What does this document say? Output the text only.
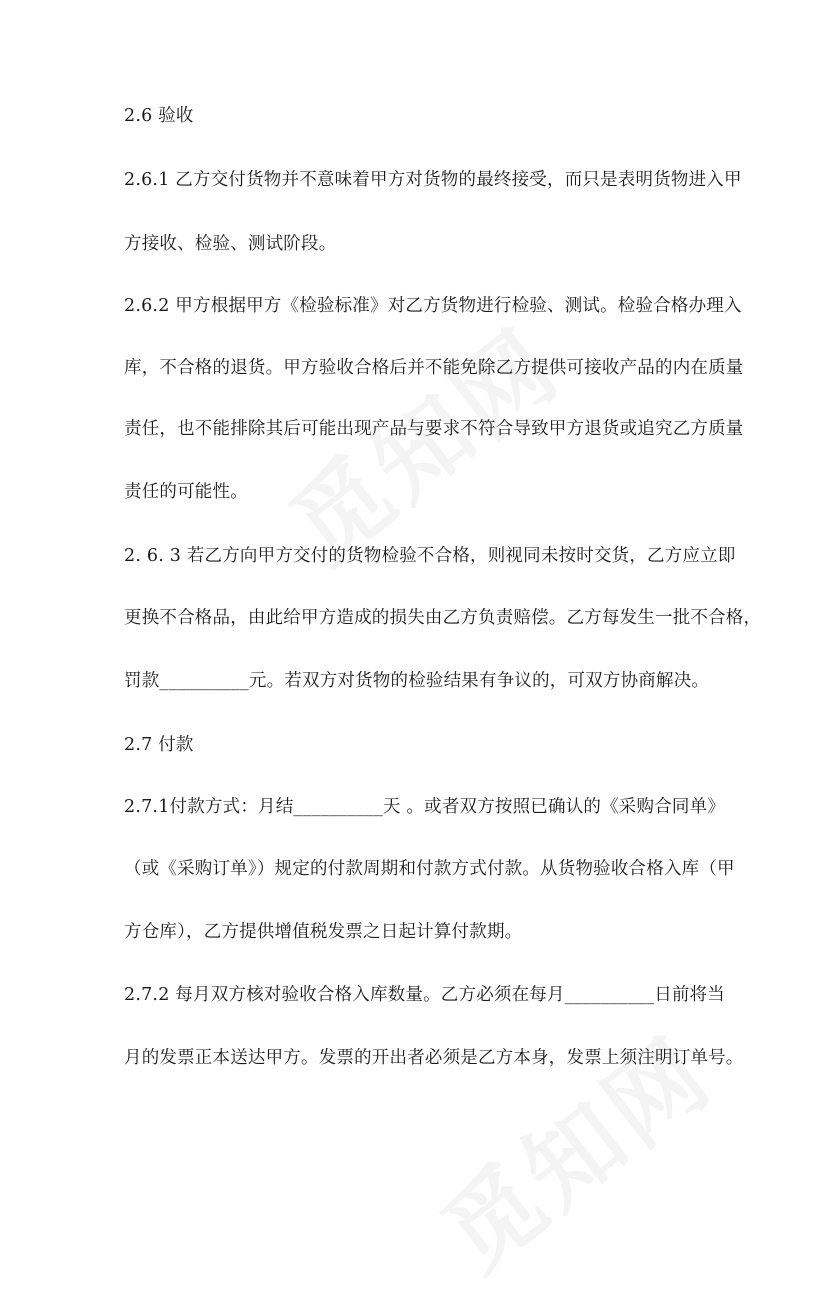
2.6 验收
2.6.1 乙方交付货物并不意味着甲方对货物的最终接受，而只是表明货物进入甲
方接收、检验、测试阶段。
2.6.2 甲方根据甲方《检验标准》对乙方货物进行检验、测试。检验合格办理入
库，不合格的退货。甲方验收合格后并不能免除乙方提供可接收产品的内在质量
责任，也不能排除其后可能出现产品与要求不符合导致甲方退货或追究乙方质量
责任的可能性。
2. 6. 3 若乙方向甲方交付的货物检验不合格，则视同未按时交货，乙方应立即
更换不合格品，由此给甲方造成的损失由乙方负责赔偿。乙方每发生一批不合格，
罚款__________元。若双方对货物的检验结果有争议的，可双方协商解决。
2.7 付款
2.7.1付款方式：月结__________天 。或者双方按照已确认的《采购合同单》
（或《采购订单》）规定的付款周期和付款方式付款。从货物验收合格入库（甲
方仓库），乙方提供增值税发票之日起计算付款期。
2.7.2 每月双方核对验收合格入库数量。乙方必须在每月__________日前将当
月的发票正本送达甲方。发票的开出者必须是乙方本身，发票上须注明订单号。
